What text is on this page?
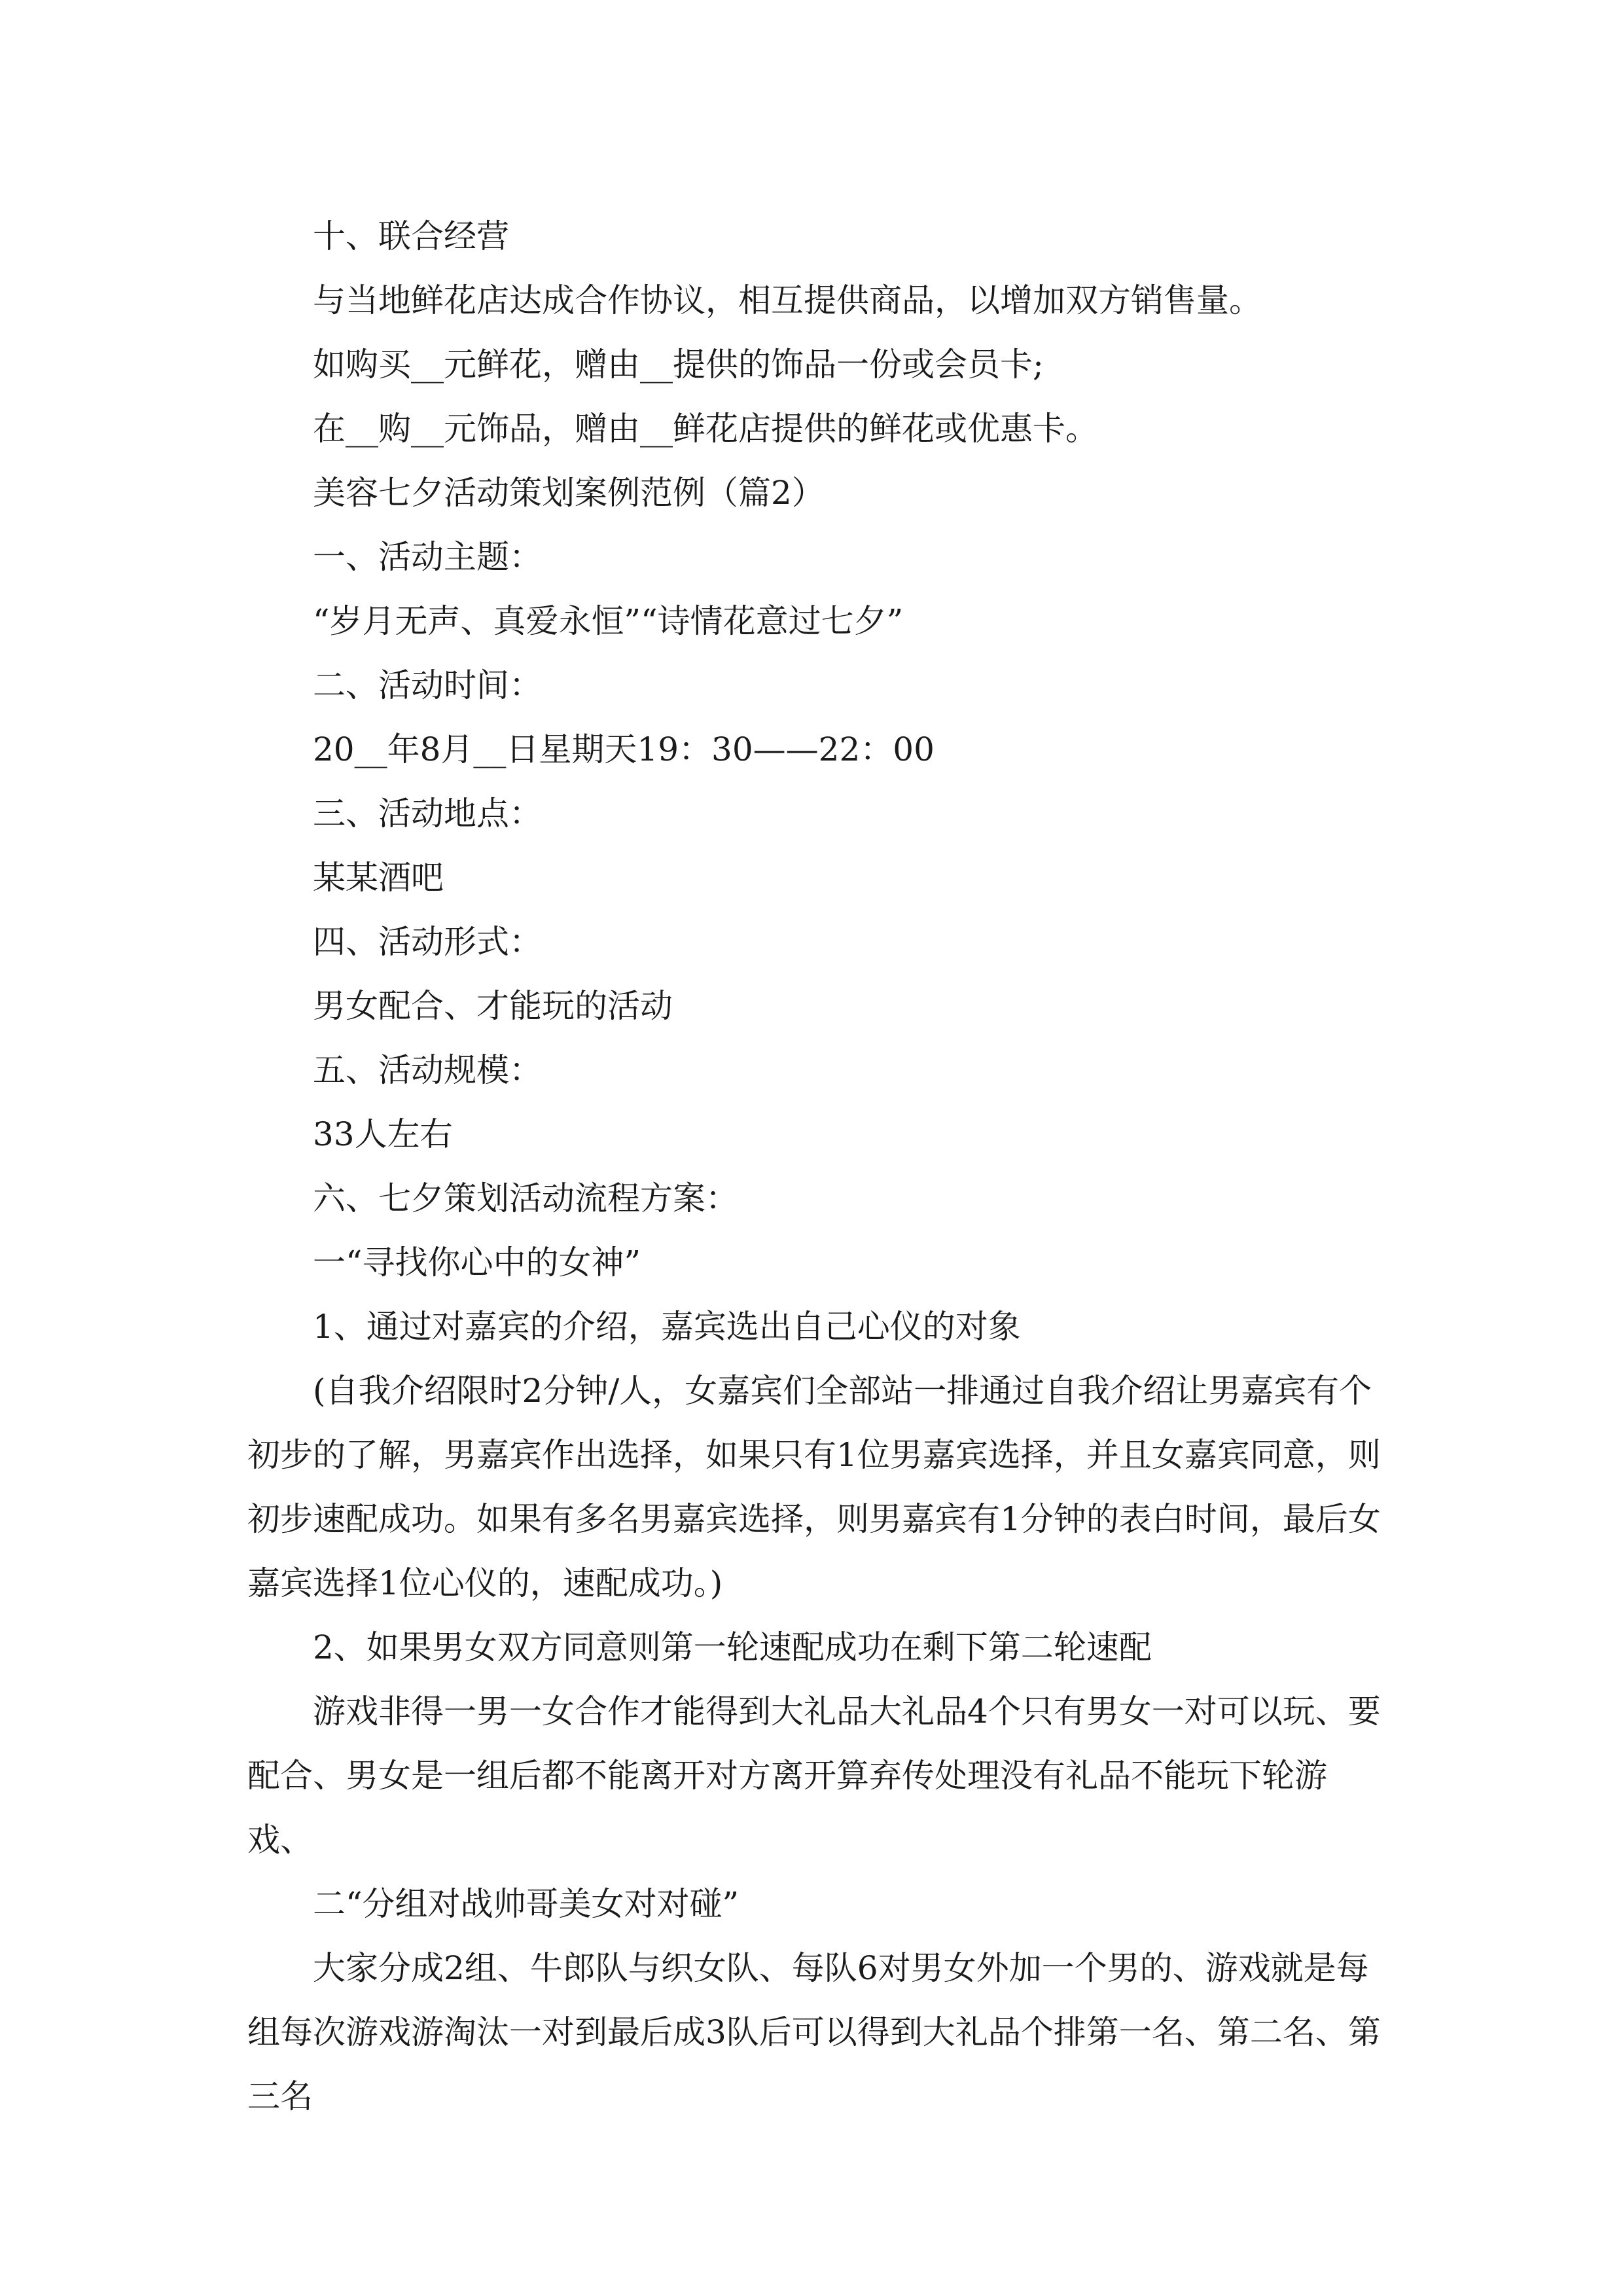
十、联合经营

与当地鲜花店达成合作协议，相互提供商品，以增加双方销售量。

如购买__元鲜花，赠由__提供的饰品一份或会员卡;

在__购__元饰品，赠由__鲜花店提供的鲜花或优惠卡。

美容七夕活动策划案例范例（篇2）

一、活动主题：

“岁月无声、真爱永恒”“诗情花意过七夕”

二、活动时间：

20__年8月__日星期天19：30——22：00

三、活动地点：

某某酒吧

四、活动形式：

男女配合、才能玩的活动

五、活动规模：

33人左右

六、七夕策划活动流程方案：

一“寻找你心中的女神”

1、通过对嘉宾的介绍，嘉宾选出自己心仪的对象

(自我介绍限时2分钟/人，女嘉宾们全部站一排通过自我介绍让男嘉宾有个初步的了解，男嘉宾作出选择，如果只有1位男嘉宾选择，并且女嘉宾同意，则初步速配成功。如果有多名男嘉宾选择，则男嘉宾有1分钟的表白时间，最后女嘉宾选择1位心仪的，速配成功。)

2、如果男女双方同意则第一轮速配成功在剩下第二轮速配

游戏非得一男一女合作才能得到大礼品大礼品4个只有男女一对可以玩、要配合、男女是一组后都不能离开对方离开算弃传处理没有礼品不能玩下轮游戏、

二“分组对战帅哥美女对对碰”

大家分成2组、牛郎队与织女队、每队6对男女外加一个男的、游戏就是每组每次游戏游淘汰一对到最后成3队后可以得到大礼品个排第一名、第二名、第三名
